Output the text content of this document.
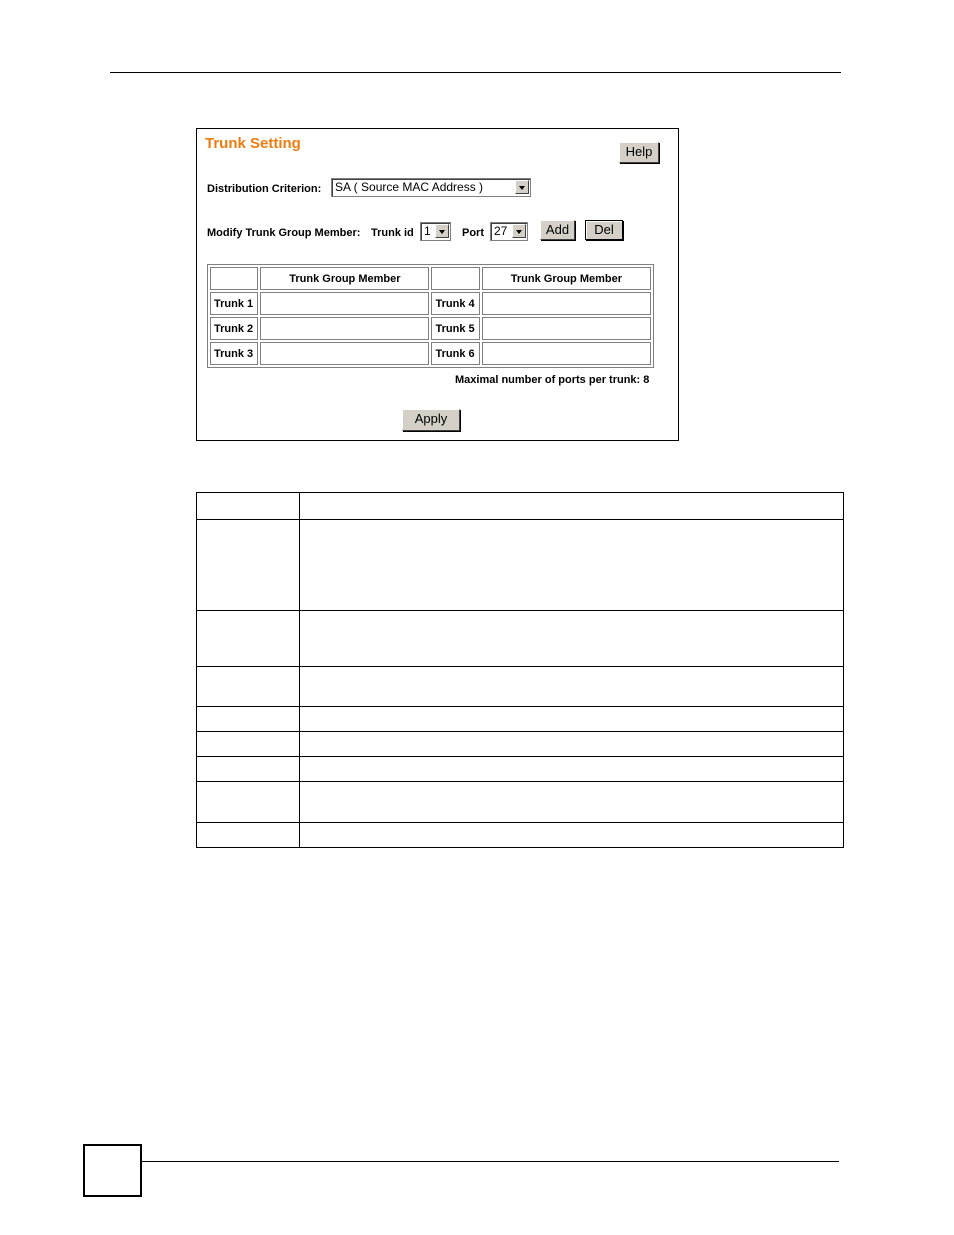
Trunk Setting	Help
Distribution Criterion: SA ( Source MAC Address )
Modify Trunk Group Member: Trunk id 1	Port 27	Add	Del
	Trunk Group Member		Trunk Group Member
Trunk 1		Trunk 4	
Trunk 2		Trunk 5	
Trunk 3		Trunk 6	
Maximal number of ports per trunk: 8
Apply
